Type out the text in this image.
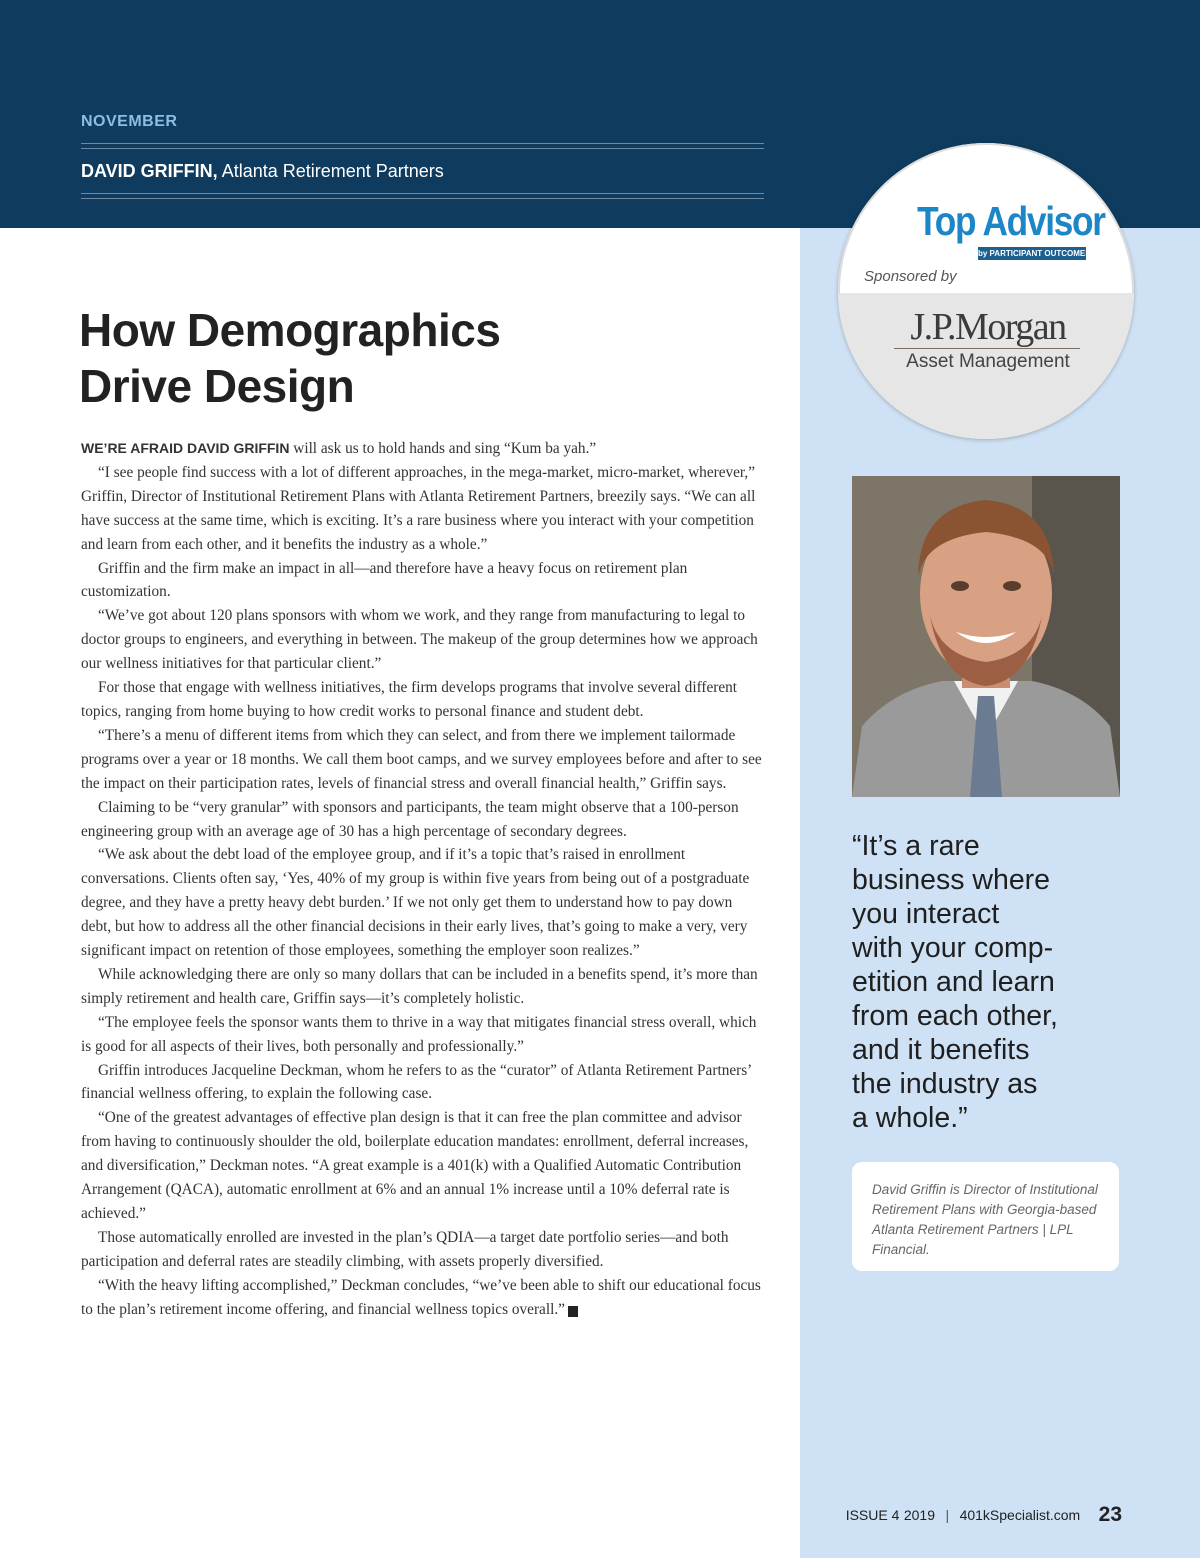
NOVEMBER
DAVID GRIFFIN, Atlanta Retirement Partners
Top Advisor
by PARTICIPANT OUTCOMES
Sponsored by
J.P.Morgan
Asset Management
How Demographics
Drive Design

WE’RE AFRAID DAVID GRIFFIN will ask us to hold hands and sing “Kum ba yah.”

“I see people find success with a lot of different approaches, in the mega-market, micro-market, wherever,” Griffin, Director of Institutional Retirement Plans with Atlanta Retirement Partners, breezily says. “We can all have success at the same time, which is exciting. It’s a rare business where you interact with your competition and learn from each other, and it benefits the industry as a whole.”

Griffin and the firm make an impact in all—and therefore have a heavy focus on retirement plan customization.

“We’ve got about 120 plans sponsors with whom we work, and they range from manufacturing to legal to doctor groups to engineers, and everything in between. The makeup of the group determines how we approach our wellness initiatives for that particular client.”

For those that engage with wellness initiatives, the firm develops programs that involve several different topics, ranging from home buying to how credit works to personal finance and student debt.

“There’s a menu of different items from which they can select, and from there we implement tailormade programs over a year or 18 months. We call them boot camps, and we survey employees before and after to see the impact on their participation rates, levels of financial stress and overall financial health,” Griffin says.

Claiming to be “very granular” with sponsors and participants, the team might observe that a 100-person engineering group with an average age of 30 has a high percentage of secondary degrees.

“We ask about the debt load of the employee group, and if it’s a topic that’s raised in enrollment conversations. Clients often say, ‘Yes, 40% of my group is within five years from being out of a postgraduate degree, and they have a pretty heavy debt burden.’ If we not only get them to understand how to pay down debt, but how to address all the other financial decisions in their early lives, that’s going to make a very, very significant impact on retention of those employees, something the employer soon realizes.”

While acknowledging there are only so many dollars that can be included in a benefits spend, it’s more than simply retirement and health care, Griffin says—it’s completely holistic.

“The employee feels the sponsor wants them to thrive in a way that mitigates financial stress overall, which is good for all aspects of their lives, both personally and professionally.”

Griffin introduces Jacqueline Deckman, whom he refers to as the “curator” of Atlanta Retirement Partners’ financial wellness offering, to explain the following case.

“One of the greatest advantages of effective plan design is that it can free the plan committee and advisor from having to continuously shoulder the old, boilerplate education mandates: enrollment, deferral increases, and diversification,” Deckman notes. “A great example is a 401(k) with a Qualified Automatic Contribution Arrangement (QACA), automatic enrollment at 6% and an annual 1% increase until a 10% deferral rate is achieved.”

Those automatically enrolled are invested in the plan’s QDIA—a target date portfolio series—and both participation and deferral rates are steadily climbing, with assets properly diversified.

“With the heavy lifting accomplished,” Deckman concludes, “we’ve been able to shift our educational focus to the plan’s retirement income offering, and financial wellness topics overall.” K

“It’s a rare
business where
you interact
with your comp-
etition and learn
from each other,
and it benefits
the industry as
a whole.”
David Griffin is Director of Institutional Retirement Plans with Georgia-based Atlanta Retirement Partners | LPL Financial.
ISSUE 4 2019 | 401kSpecialist.com 23
